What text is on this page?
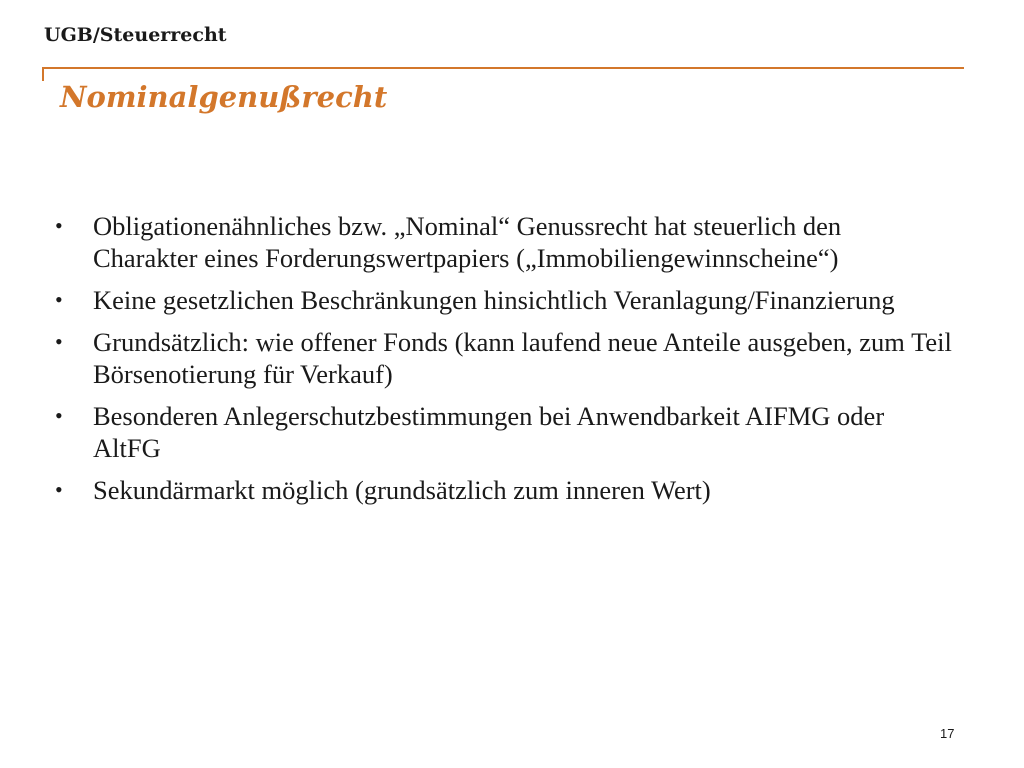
UGB/Steuerrecht
Nominalgenußrecht
• Obligationenähnliches bzw. „Nominal“ Genussrecht hat steuerlich den Charakter eines Forderungswertpapiers („Immobiliengewinnscheine“)
• Keine gesetzlichen Beschränkungen hinsichtlich Veranlagung/Finanzierung
• Grundsätzlich: wie offener Fonds (kann laufend neue Anteile ausgeben, zum Teil Börsenotierung für Verkauf)
• Besonderen Anlegerschutzbestimmungen bei Anwendbarkeit AIFMG oder AltFG
• Sekundärmarkt möglich (grundsätzlich zum inneren Wert)
17
